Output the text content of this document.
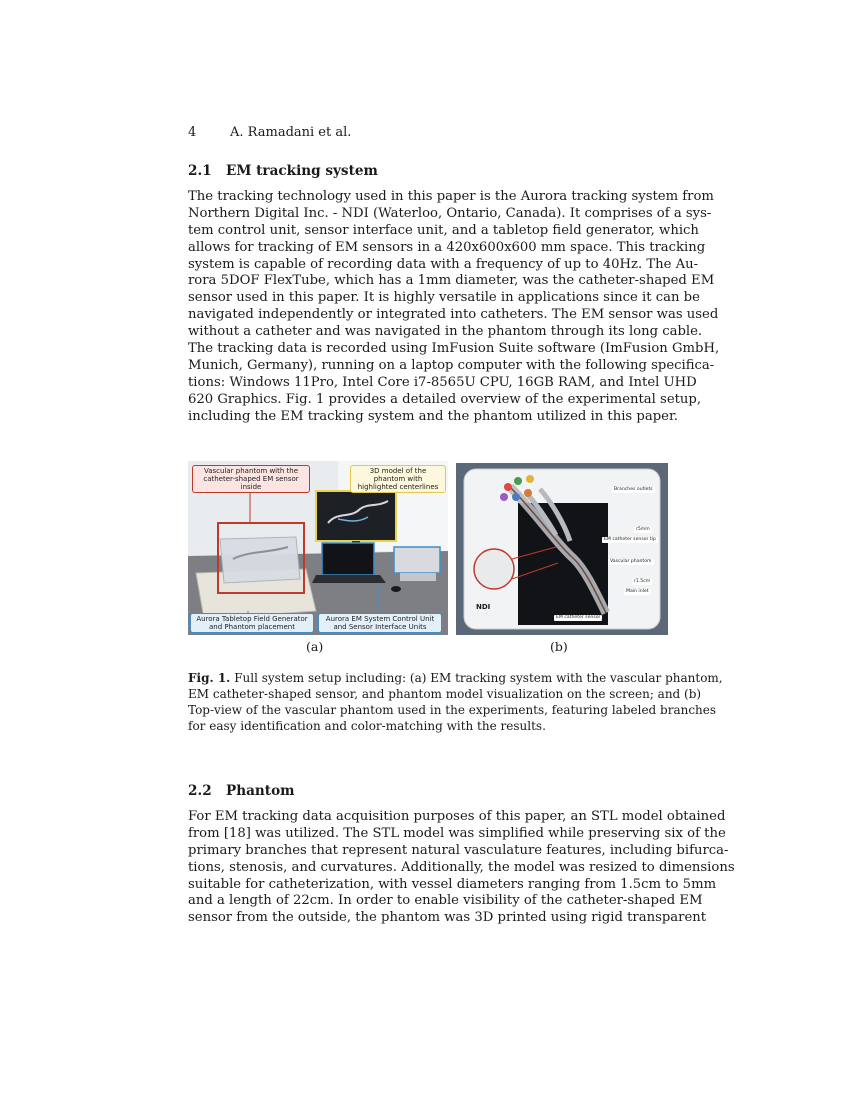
4	A. Ramadani et al.
2.1 EM tracking system
The tracking technology used in this paper is the Aurora tracking system from
Northern Digital Inc. - NDI (Waterloo, Ontario, Canada). It comprises of a sys-
tem control unit, sensor interface unit, and a tabletop field generator, which
allows for tracking of EM sensors in a 420x600x600 mm space. This tracking
system is capable of recording data with a frequency of up to 40Hz. The Au-
rora 5DOF FlexTube, which has a 1mm diameter, was the catheter-shaped EM
sensor used in this paper. It is highly versatile in applications since it can be
navigated independently or integrated into catheters. The EM sensor was used
without a catheter and was navigated in the phantom through its long cable.
The tracking data is recorded using ImFusion Suite software (ImFusion GmbH,
Munich, Germany), running on a laptop computer with the following specifica-
tions: Windows 11Pro, Intel Core i7-8565U CPU, 16GB RAM, and Intel UHD
620 Graphics. Fig. 1 provides a detailed overview of the experimental setup,
including the EM tracking system and the phantom utilized in this paper.
Vascular phantom with the catheter-shaped EM sensor inside
3D model of the phantom with highlighted centerlines
Aurora Tabletop Field Generator and Phantom placement
Aurora EM System Control Unit and Sensor Interface Units
Branches outlets
r5mm
EM catheter sensor tip
Vascular phantom
r1.5cm
Main inlet
EM catheter sensor
NDI
(a)	(b)
Fig. 1. Full system setup including: (a) EM tracking system with the vascular phantom,
EM catheter-shaped sensor, and phantom model visualization on the screen; and (b)
Top-view of the vascular phantom used in the experiments, featuring labeled branches
for easy identification and color-matching with the results.
2.2 Phantom
For EM tracking data acquisition purposes of this paper, an STL model obtained
from [18] was utilized. The STL model was simplified while preserving six of the
primary branches that represent natural vasculature features, including bifurca-
tions, stenosis, and curvatures. Additionally, the model was resized to dimensions
suitable for catheterization, with vessel diameters ranging from 1.5cm to 5mm
and a length of 22cm. In order to enable visibility of the catheter-shaped EM
sensor from the outside, the phantom was 3D printed using rigid transparent
